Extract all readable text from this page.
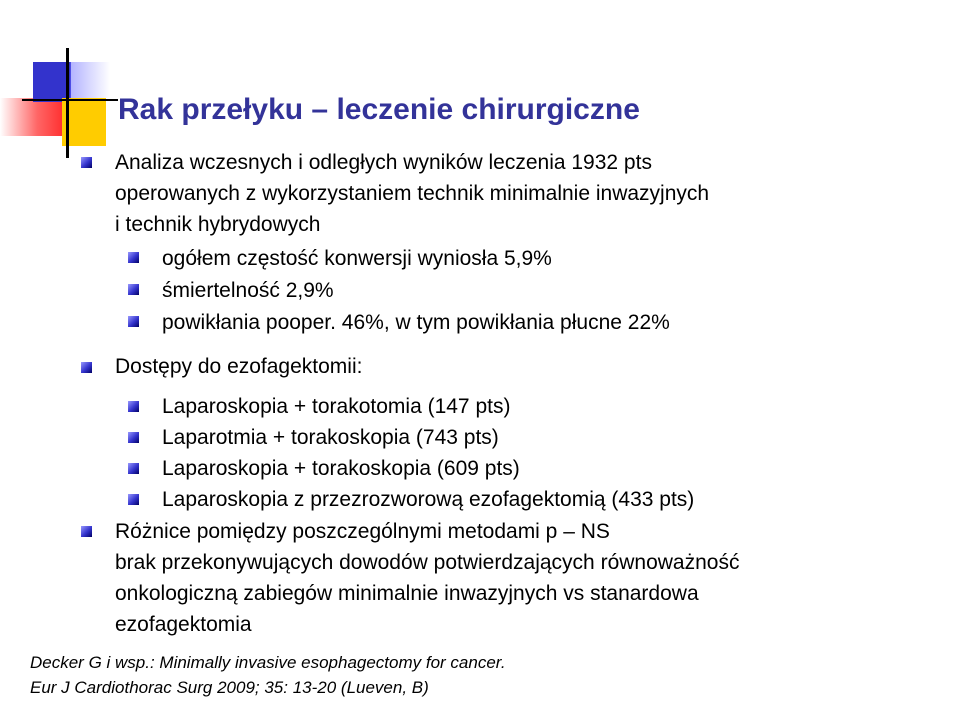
Rak przełyku – leczenie chirurgiczne
Analiza wczesnych i odległych wyników leczenia 1932 pts
operowanych z wykorzystaniem technik minimalnie inwazyjnych
i technik hybrydowych
ogółem częstość konwersji wyniosła 5,9%
śmiertelność 2,9%
powikłania pooper. 46%, w tym powikłania płucne 22%
Dostępy do ezofagektomii:
Laparoskopia + torakotomia (147 pts)
Laparotmia + torakoskopia (743 pts)
Laparoskopia + torakoskopia (609 pts)
Laparoskopia z przezrozworową ezofagektomią (433 pts)
Różnice pomiędzy poszczególnymi metodami p – NS
brak przekonywujących dowodów potwierdzających równoważność
onkologiczną zabiegów minimalnie inwazyjnych vs stanardowa
ezofagektomia
Decker G i wsp.: Minimally invasive esophagectomy for cancer.
Eur J Cardiothorac Surg 2009; 35: 13-20 (Lueven, B)
